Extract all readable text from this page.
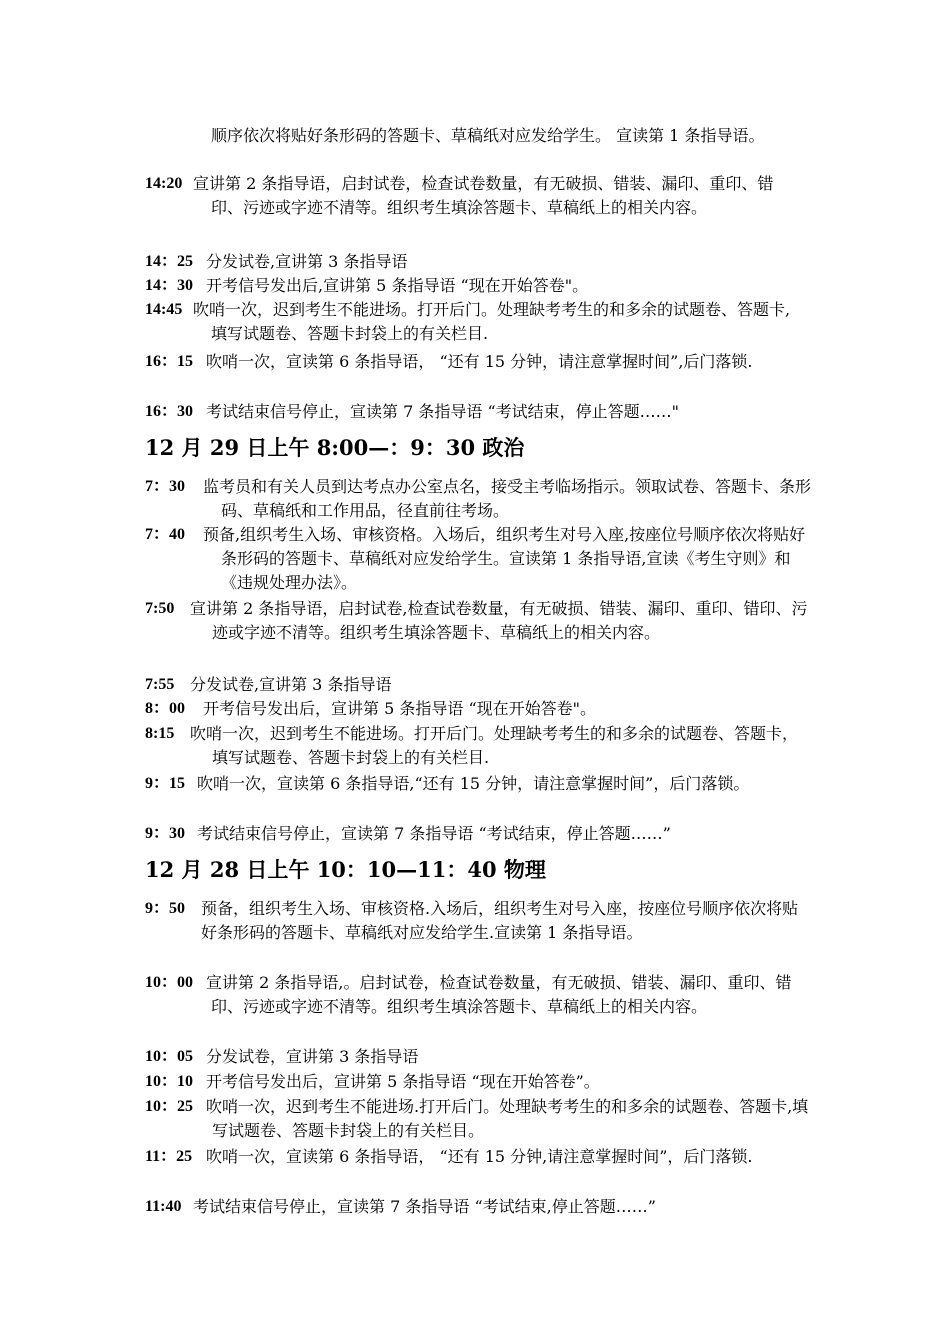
顺序依次将贴好条形码的答题卡、草稿纸对应发给学生。 宣读第 1 条指导语。
14:20 宣讲第 2 条指导语，启封试卷，检查试卷数量，有无破损、错装、漏印、重印、错印、污迹或字迹不清等。组织考生填涂答题卡、草稿纸上的相关内容。
14：25 分发试卷,宣讲第 3 条指导语
14：30 开考信号发出后,宣讲第 5 条指导语 “现在开始答卷"。
14:45 吹哨一次，迟到考生不能进场。打开后门。处理缺考考生的和多余的试题卷、答题卡,填写试题卷、答题卡封袋上的有关栏目.
16：15 吹哨一次，宣读第 6 条指导语， “还有 15 分钟，请注意掌握时间”,后门落锁.
16：30 考试结束信号停止，宣读第 7 条指导语 “考试结束，停止答题……"
12 月 29 日上午 8:00—：9：30 政治
7：30	监考员和有关人员到达考点办公室点名，接受主考临场指示。领取试卷、答题卡、条形码、草稿纸和工作用品，径直前往考场。
7：40	预备,组织考生入场、审核资格。入场后，组织考生对号入座,按座位号顺序依次将贴好条形码的答题卡、草稿纸对应发给学生。宣读第 1 条指导语,宣读《考生守则》和《违规处理办法》。
7:50 宣讲第 2 条指导语，启封试卷,检查试卷数量，有无破损、错装、漏印、重印、错印、污迹或字迹不清等。组织考生填涂答题卡、草稿纸上的相关内容。
7:55 分发试卷,宣讲第 3 条指导语
8：00	开考信号发出后，宣讲第 5 条指导语 “现在开始答卷"。
8:15 吹哨一次，迟到考生不能进场。打开后门。处理缺考考生的和多余的试题卷、答题卡，填写试题卷、答题卡封袋上的有关栏目.
9：15 吹哨一次，宣读第 6 条指导语,“还有 15 分钟，请注意掌握时间”，后门落锁。
9：30 考试结束信号停止，宣读第 7 条指导语 “考试结束，停止答题……”
12 月 28 日上午 10：10—11：40 物理
9：50 预备，组织考生入场、审核资格.入场后，组织考生对号入座，按座位号顺序依次将贴好条形码的答题卡、草稿纸对应发给学生.宣读第 1 条指导语。
10：00 宣讲第 2 条指导语,。启封试卷，检查试卷数量，有无破损、错装、漏印、重印、错印、污迹或字迹不清等。组织考生填涂答题卡、草稿纸上的相关内容。
10：05 分发试卷，宣讲第 3 条指导语
10：10 开考信号发出后，宣讲第 5 条指导语 “现在开始答卷”。
10：25 吹哨一次，迟到考生不能进场.打开后门。处理缺考考生的和多余的试题卷、答题卡,填写试题卷、答题卡封袋上的有关栏目。
11：25 吹哨一次，宣读第 6 条指导语， “还有 15 分钟,请注意掌握时间”，后门落锁.
11:40 考试结束信号停止，宣读第 7 条指导语 “考试结束,停止答题……”
